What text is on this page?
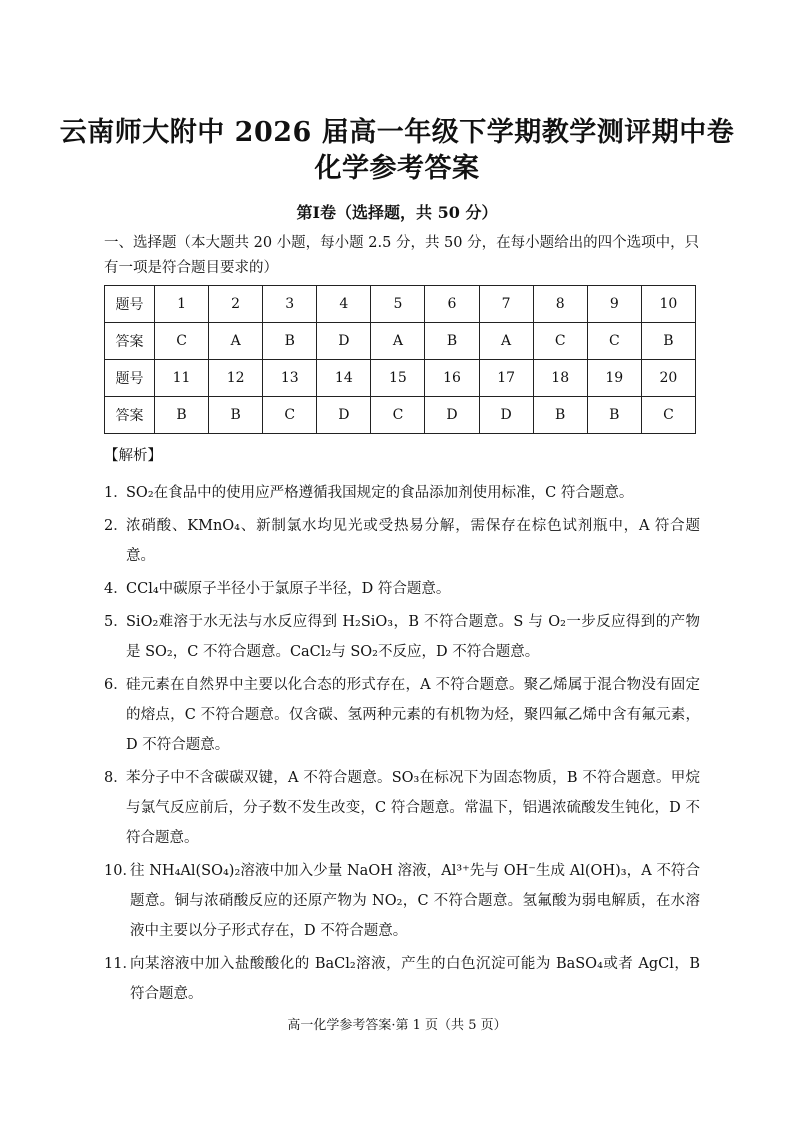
云南师大附中 2026 届高一年级下学期教学测评期中卷
化学参考答案
第Ⅰ卷（选择题，共 50 分）
一、选择题（本大题共 20 小题，每小题 2.5 分，共 50 分，在每小题给出的四个选项中，只有一项是符合题目要求的）
题号	1	2	3	4	5	6	7	8	9	10
答案	C	A	B	D	A	B	A	C	C	B
题号	11	12	13	14	15	16	17	18	19	20
答案	B	B	C	D	C	D	D	B	B	C
【解析】
1．

SO₂在食品中的使用应严格遵循我国规定的食品添加剂使用标准，C 符合题意。

2．

浓硝酸、KMnO₄、新制氯水均见光或受热易分解，需保存在棕色试剂瓶中，A 符合题意。

4．

CCl₄中碳原子半径小于氯原子半径，D 符合题意。

5．

SiO₂难溶于水无法与水反应得到 H₂SiO₃，B 不符合题意。S 与 O₂一步反应得到的产物是 SO₂，C 不符合题意。CaCl₂与 SO₂不反应，D 不符合题意。

6．

硅元素在自然界中主要以化合态的形式存在，A 不符合题意。聚乙烯属于混合物没有固定的熔点，C 不符合题意。仅含碳、氢两种元素的有机物为烃，聚四氟乙烯中含有氟元素，D 不符合题意。

8．

苯分子中不含碳碳双键，A 不符合题意。SO₃在标况下为固态物质，B 不符合题意。甲烷与氯气反应前后，分子数不发生改变，C 符合题意。常温下，铝遇浓硫酸发生钝化，D 不符合题意。

10．

往 NH₄Al(SO₄)₂溶液中加入少量 NaOH 溶液，Al³⁺先与 OH⁻生成 Al(OH)₃，A 不符合题意。铜与浓硝酸反应的还原产物为 NO₂，C 不符合题意。氢氟酸为弱电解质，在水溶液中主要以分子形式存在，D 不符合题意。

11．

向某溶液中加入盐酸酸化的 BaCl₂溶液，产生的白色沉淀可能为 BaSO₄或者 AgCl，B 符合题意。

高一化学参考答案·第 1 页（共 5 页）
